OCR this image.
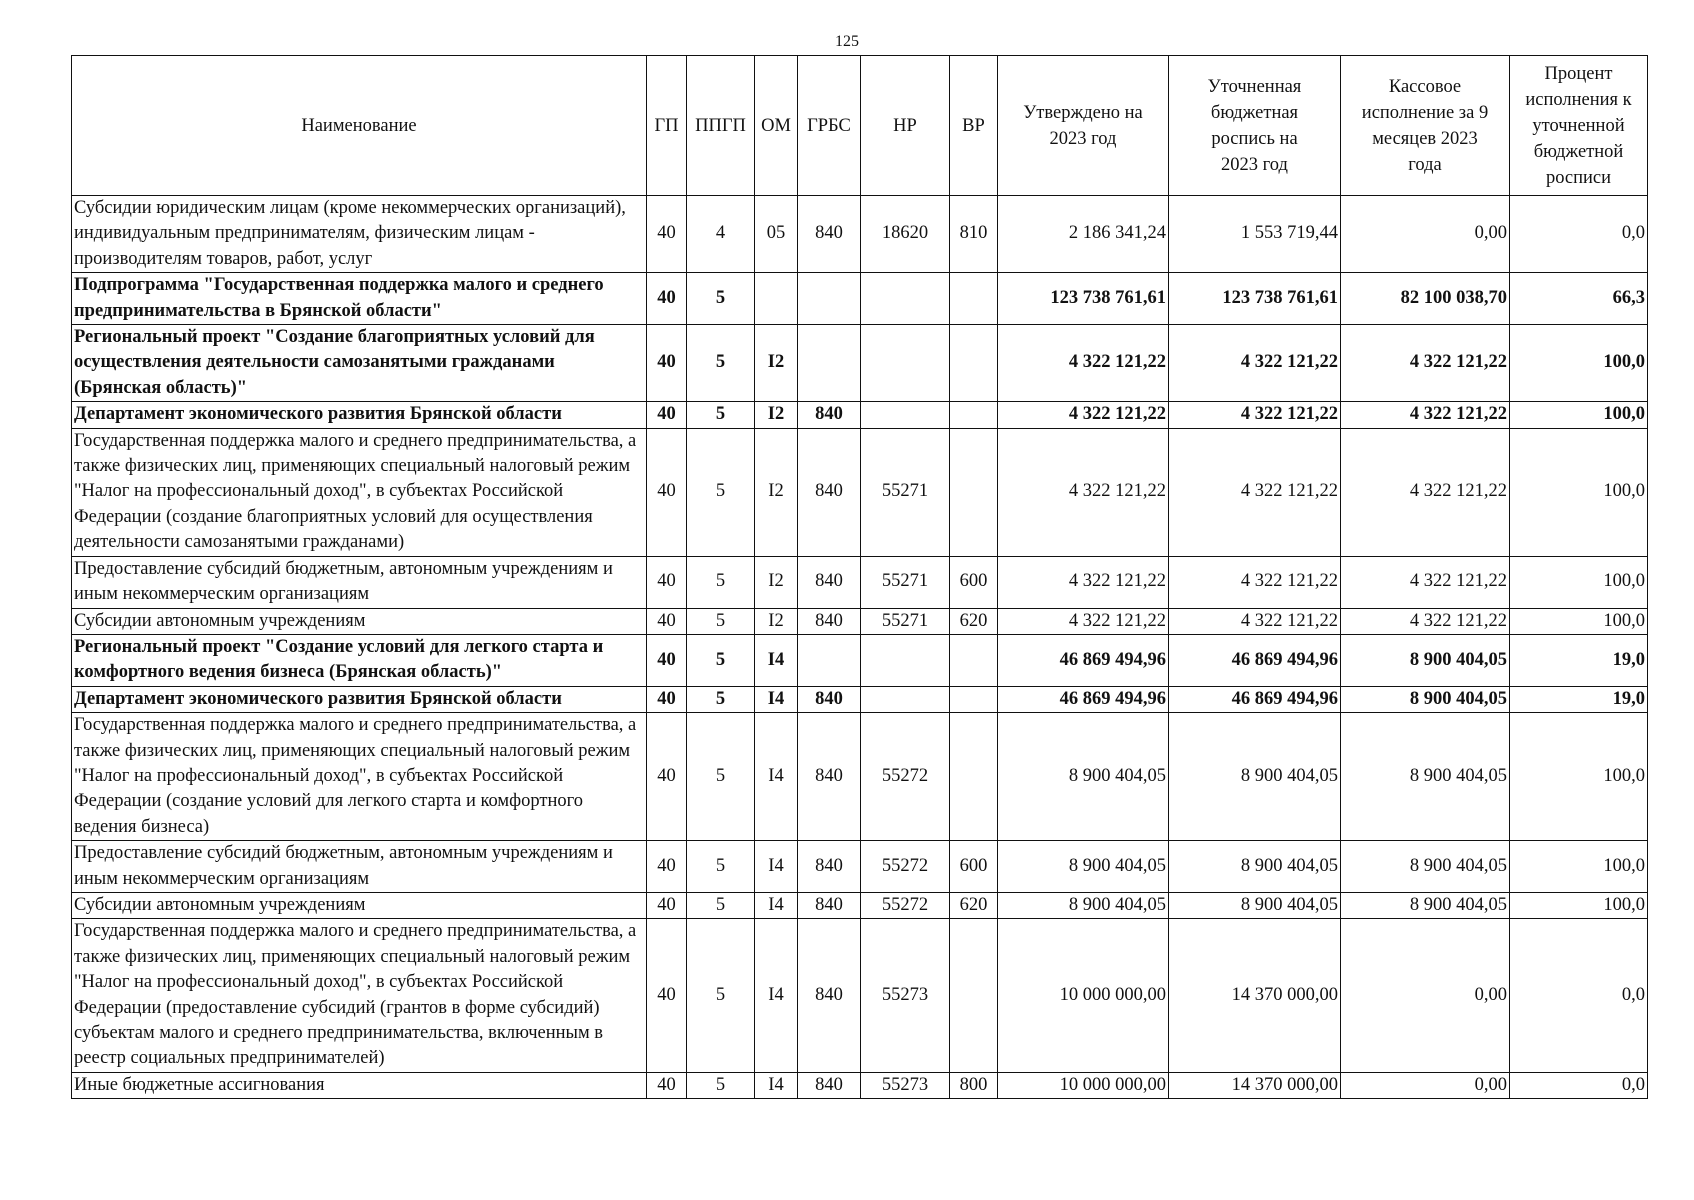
125
Наименование	ГП	ППГП	ОМ	ГРБС	НР	ВР	Утверждено на 2023 год	Уточненная бюджетная роспись на 2023 год	Кассовое исполнение за 9 месяцев 2023 года	Процент исполнения к уточненной бюджетной росписи
Субсидии юридическим лицам (кроме некоммерческих организаций), индивидуальным предпринимателям, физическим лицам - производителям товаров, работ, услуг	40	4	05	840	18620	810	2 186 341,24	1 553 719,44	0,00	0,0
Подпрограмма "Государственная поддержка малого и среднего предпринимательства в Брянской области"	40	5					123 738 761,61	123 738 761,61	82 100 038,70	66,3
Региональный проект "Создание благоприятных условий для осуществления деятельности самозанятыми гражданами (Брянская область)"	40	5	I2				4 322 121,22	4 322 121,22	4 322 121,22	100,0
Департамент экономического развития Брянской области	40	5	I2	840			4 322 121,22	4 322 121,22	4 322 121,22	100,0
Государственная поддержка малого и среднего предпринимательства, а также физических лиц, применяющих специальный налоговый режим "Налог на профессиональный доход", в субъектах Российской Федерации (создание благоприятных условий для осуществления деятельности самозанятыми гражданами)	40	5	I2	840	55271		4 322 121,22	4 322 121,22	4 322 121,22	100,0
Предоставление субсидий бюджетным, автономным учреждениям и иным некоммерческим организациям	40	5	I2	840	55271	600	4 322 121,22	4 322 121,22	4 322 121,22	100,0
Субсидии автономным учреждениям	40	5	I2	840	55271	620	4 322 121,22	4 322 121,22	4 322 121,22	100,0
Региональный проект "Создание условий для легкого старта и комфортного ведения бизнеса (Брянская область)"	40	5	I4				46 869 494,96	46 869 494,96	8 900 404,05	19,0
Департамент экономического развития Брянской области	40	5	I4	840			46 869 494,96	46 869 494,96	8 900 404,05	19,0
Государственная поддержка малого и среднего предпринимательства, а также физических лиц, применяющих специальный налоговый режим "Налог на профессиональный доход", в субъектах Российской Федерации (создание условий для легкого старта и комфортного ведения бизнеса)	40	5	I4	840	55272		8 900 404,05	8 900 404,05	8 900 404,05	100,0
Предоставление субсидий бюджетным, автономным учреждениям и иным некоммерческим организациям	40	5	I4	840	55272	600	8 900 404,05	8 900 404,05	8 900 404,05	100,0
Субсидии автономным учреждениям	40	5	I4	840	55272	620	8 900 404,05	8 900 404,05	8 900 404,05	100,0
Государственная поддержка малого и среднего предпринимательства, а также физических лиц, применяющих специальный налоговый режим "Налог на профессиональный доход", в субъектах Российской Федерации (предоставление субсидий (грантов в форме субсидий) субъектам малого и среднего предпринимательства, включенным в реестр социальных предпринимателей)	40	5	I4	840	55273		10 000 000,00	14 370 000,00	0,00	0,0
Иные бюджетные ассигнования	40	5	I4	840	55273	800	10 000 000,00	14 370 000,00	0,00	0,0
